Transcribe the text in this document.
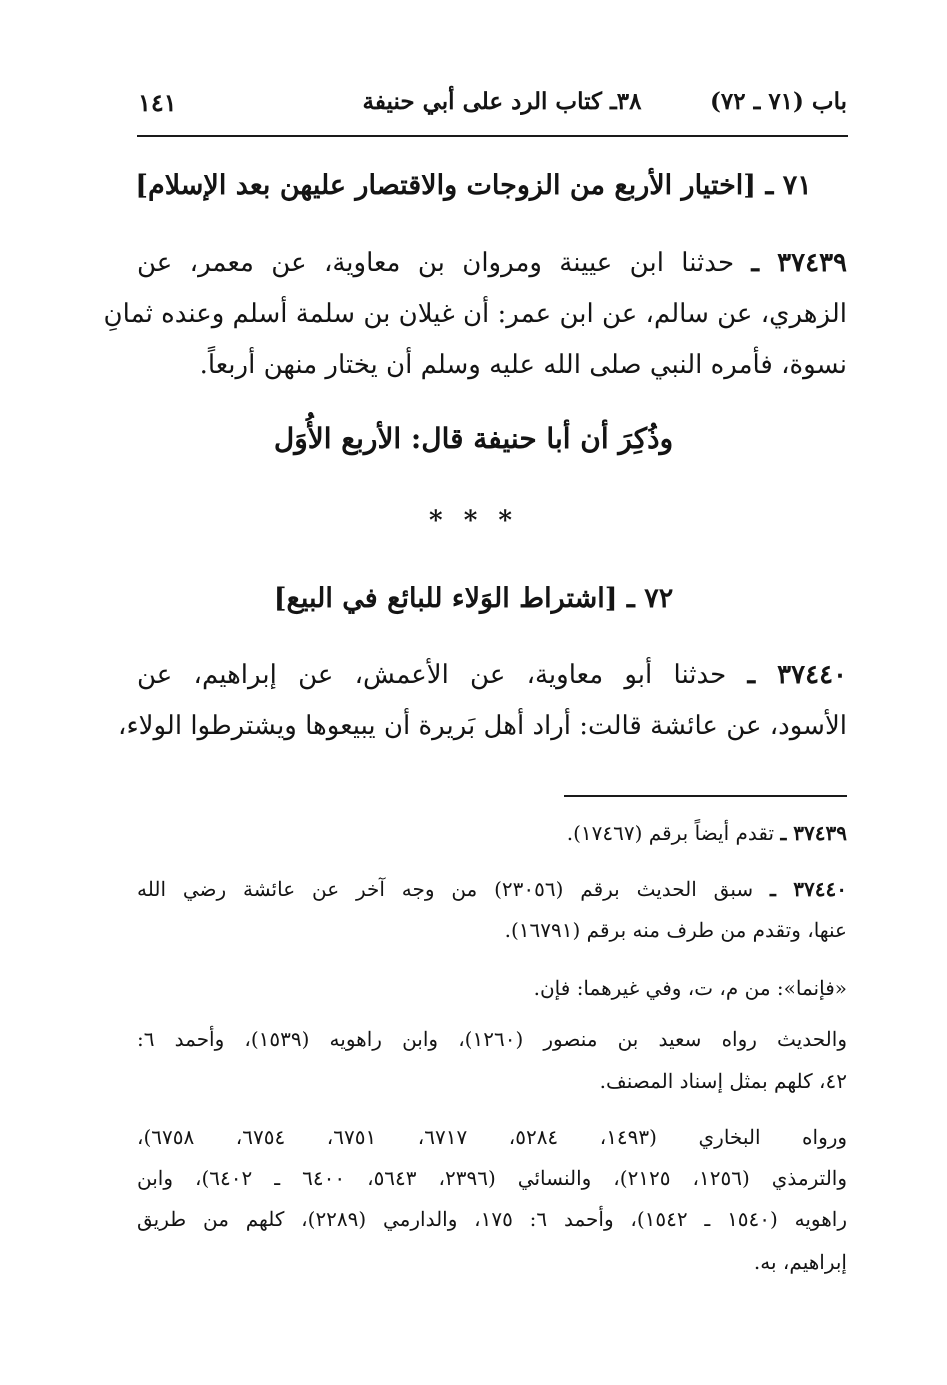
باب (٧١ ـ ٧٢)
٣٨ـ كتاب الرد على أبي حنيفة
١٤١
٧١ ـ [اختيار الأربع من الزوجات والاقتصار عليهن بعد الإسلام]
٣٧٤٣٩ ـ حدثنا ابن عيينة ومروان بن معاوية، عن معمر، عن
الزهري، عن سالم، عن ابن عمر: أن غيلان بن سلمة أسلم وعنده ثمانِ
نسوة، فأمره النبي صلى الله عليه وسلم أن يختار منهن أربعاً.
وذُكِرَ أن أبا حنيفة قال: الأربع الأُوَل
* * *
٧٢ ـ [اشتراط الوَلاء للبائع في البيع]
٣٧٤٤٠ ـ حدثنا أبو معاوية، عن الأعمش، عن إبراهيم، عن
الأسود، عن عائشة قالت: أراد أهل بَريرة أن يبيعوها ويشترطوا الولاء،
٣٧٤٣٩ ـ تقدم أيضاً برقم (١٧٤٦٧).
٣٧٤٤٠ ـ سبق الحديث برقم (٢٣٠٥٦) من وجه آخر عن عائشة رضي الله
عنها، وتقدم من طرف منه برقم (١٦٧٩١).
«فإنما»: من م، ت، وفي غيرهما: فإن.
والحديث رواه سعيد بن منصور (١٢٦٠)، وابن راهويه (١٥٣٩)، وأحمد ٦:
٤٢، كلهم بمثل إسناد المصنف.
ورواه البخاري (١٤٩٣، ٥٢٨٤، ٦٧١٧، ٦٧٥١، ٦٧٥٤، ٦٧٥٨)،
والترمذي (١٢٥٦، ٢١٢٥)، والنسائي (٢٣٩٦، ٥٦٤٣، ٦٤٠٠ ـ ٦٤٠٢)، وابن
راهويه (١٥٤٠ ـ ١٥٤٢)، وأحمد ٦: ١٧٥، والدارمي (٢٢٨٩)، كلهم من طريق
إبراهيم، به.
